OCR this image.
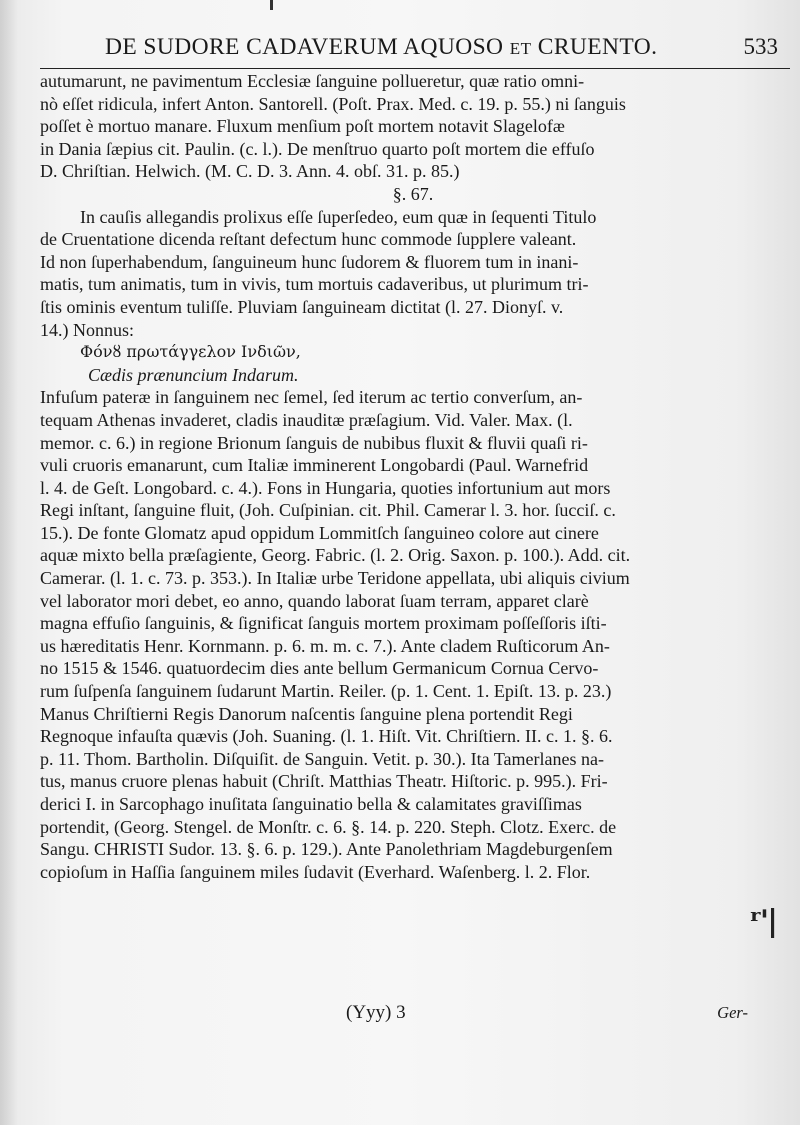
DE SUDORE CADAVERUM AQUOSO ET CRUENTO.	533
autumarunt, ne pavimentum Ecclesiæ ſanguine pollueretur, quæ ratio omni-
nò eſſet ridicula, infert Anton. Santorell. (Poſt. Prax. Med. c. 19. p. 55.) ni ſanguis
poſſet è mortuo manare. Fluxum menſium poſt mortem notavit Slagelofæ
in Dania ſæpius cit. Paulin. (c. l.). De menſtruo quarto poſt mortem die effuſo
D. Chriſtian. Helwich. (M. C. D. 3. Ann. 4. obſ. 31. p. 85.)
§. 67.
In cauſis allegandis prolixus eſſe ſuperſedeo, eum quæ in ſequenti Titulo
de Cruentatione dicenda reſtant defectum hunc commode ſupplere valeant.
Id non ſuperhabendum, ſanguineum hunc ſudorem & fluorem tum in inani-
matis, tum animatis, tum in vivis, tum mortuis cadaveribus, ut plurimum tri-
ſtis ominis eventum tuliſſe. Pluviam ſanguineam dictitat (l. 27. Dionyſ. v.
14.) Nonnus:
Φόνȣ πρωτάγγελον Ινδιῶν,
Cædis prænuncium Indarum.
Infuſum pateræ in ſanguinem nec ſemel, ſed iterum ac tertio converſum, an-
tequam Athenas invaderet, cladis inauditæ præſagium. Vid. Valer. Max. (l.
memor. c. 6.) in regione Brionum ſanguis de nubibus fluxit & fluvii quaſi ri-
vuli cruoris emanarunt, cum Italiæ imminerent Longobardi (Paul. Warnefrid
l. 4. de Geſt. Longobard. c. 4.). Fons in Hungaria, quoties infortunium aut mors
Regi inſtant, ſanguine fluit, (Joh. Cuſpinian. cit. Phil. Camerar l. 3. hor. ſucciſ. c.
15.). De fonte Glomatz apud oppidum Lommitſch ſanguineo colore aut cinere
aquæ mixto bella præſagiente, Georg. Fabric. (l. 2. Orig. Saxon. p. 100.). Add. cit.
Camerar. (l. 1. c. 73. p. 353.). In Italiæ urbe Teridone appellata, ubi aliquis civium
vel laborator mori debet, eo anno, quando laborat ſuam terram, apparet clarè
magna effuſio ſanguinis, & ſignificat ſanguis mortem proximam poſſeſſoris iſti-
us hæreditatis Henr. Kornmann. p. 6. m. m. c. 7.). Ante cladem Ruſticorum An-
no 1515 & 1546. quatuordecim dies ante bellum Germanicum Cornua Cervo-
rum ſuſpenſa ſanguinem ſudarunt Martin. Reiler. (p. 1. Cent. 1. Epiſt. 13. p. 23.)
Manus Chriſtierni Regis Danorum naſcentis ſanguine plena portendit Regi
Regnoque infauſta quævis (Joh. Suaning. (l. 1. Hiſt. Vit. Chriſtiern. II. c. 1. §. 6.
p. 11. Thom. Bartholin. Diſquiſit. de Sanguin. Vetit. p. 30.). Ita Tamerlanes na-
tus, manus cruore plenas habuit (Chriſt. Matthias Theatr. Hiſtoric. p. 995.). Fri-
derici I. in Sarcophago inuſitata ſanguinatio bella & calamitates graviſſimas
portendit, (Georg. Stengel. de Monſtr. c. 6. §. 14. p. 220. Steph. Clotz. Exerc. de
Sangu. CHRISTI Sudor. 13. §. 6. p. 129.). Ante Panolethriam Magdeburgenſem
copioſum in Haſſia ſanguinem miles ſudavit (Everhard. Waſenberg. l. 2. Flor.
ʳ'|
(Yyy) 3	Ger-
